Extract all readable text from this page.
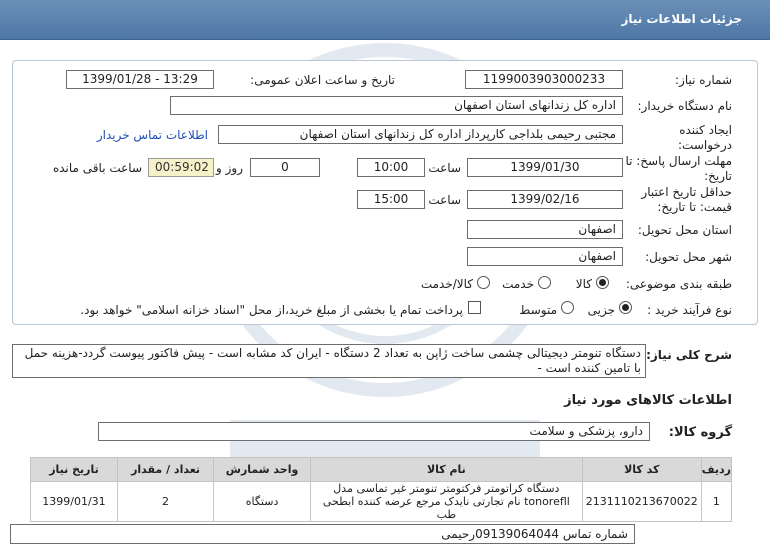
جزئیات اطلاعات نیاز
شماره نیاز:
1199003903000233
تاریخ و ساعت اعلان عمومی:
1399/01/28 - 13:29
نام دستگاه خریدار:
اداره کل زندانهای استان اصفهان
ایجاد کننده درخواست:
مجتبی رحیمی بلداجی کارپرداز اداره کل زندانهای استان اصفهان
اطلاعات تماس خریدار
مهلت ارسال پاسخ: تا تاریخ:
1399/01/30
ساعت
10:00
0
روز و
00:59:02
ساعت باقی مانده
حداقل تاریخ اعتبار قیمت: تا تاریخ:
1399/02/16
ساعت
15:00
استان محل تحویل:
اصفهان
شهر محل تحویل:
اصفهان
طبقه بندی موضوعی:
کالا
خدمت
کالا/خدمت
نوع فرآیند خرید :
جزیی
متوسط
پرداخت تمام یا بخشی از مبلغ خرید،از محل "اسناد خزانه اسلامی" خواهد بود.
شرح کلی نیاز:
دستگاه تنومتر دیجیتالی چشمی ساخت ژاپن به تعداد 2 دستگاه - ایران کد مشابه است - پیش فاکتور پیوست گردد-هزینه حمل با تامین کننده است -
اطلاعات کالاهای مورد نیاز
گروه کالا:
دارو، پزشکی و سلامت
تاریخ نیاز	تعداد / مقدار	واحد شمارش	نام کالا	کد کالا	ردیف
1399/01/31	2	دستگاه	دستگاه کراتومتر فرکتومتر تنومتر غیر تماسی مدل tonorefll نام تجارتی نایدک مرجع عرضه کننده ابطحی طب	2131110213670022	1
شماره تماس 09139064044رحیمی
